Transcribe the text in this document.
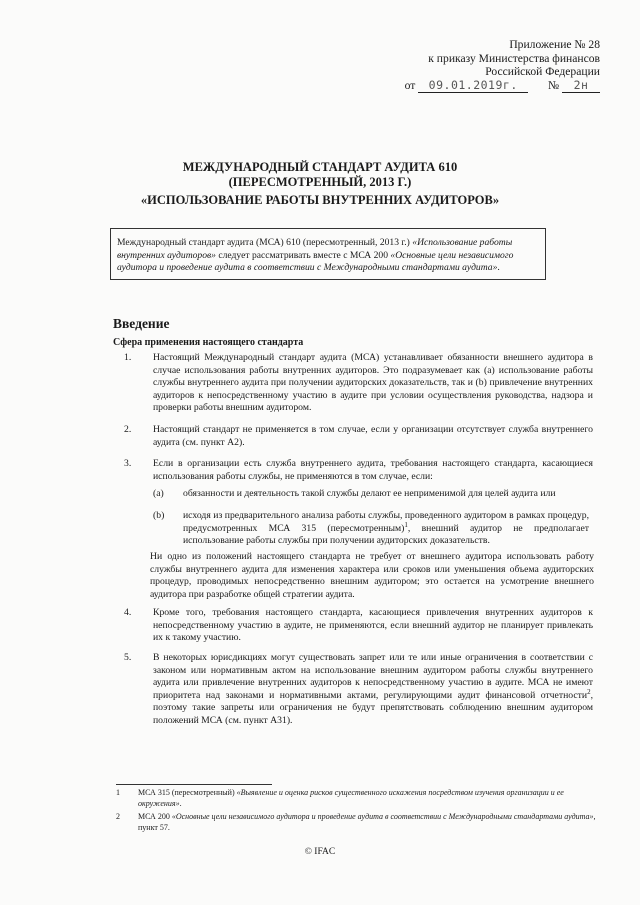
Приложение № 28
к приказу Министерства финансов
Российской Федерации
от 09.01.2019г.	№ 2н
МЕЖДУНАРОДНЫЙ СТАНДАРТ АУДИТА 610
(ПЕРЕСМОТРЕННЫЙ, 2013 Г.)
«ИСПОЛЬЗОВАНИЕ РАБОТЫ ВНУТРЕННИХ АУДИТОРОВ»
Международный стандарт аудита (МСА) 610 (пересмотренный, 2013 г.) «Использование работы внутренних аудиторов» следует рассматривать вместе с МСА 200 «Основные цели независимого аудитора и проведение аудита в соответствии с Международными стандартами аудита».
Введение
Сфера применения настоящего стандарта
1. Настоящий Международный стандарт аудита (МСА) устанавливает обязанности внешнего аудитора в случае использования работы внутренних аудиторов. Это подразумевает как (a) использование работы службы внутреннего аудита при получении аудиторских доказательств, так и (b) привлечение внутренних аудиторов к непосредственному участию в аудите при условии осуществления руководства, надзора и проверки работы внешним аудитором.
2. Настоящий стандарт не применяется в том случае, если у организации отсутствует служба внутреннего аудита (см. пункт А2).
3. Если в организации есть служба внутреннего аудита, требования настоящего стандарта, касающиеся использования работы службы, не применяются в том случае, если:
(a) обязанности и деятельность такой службы делают ее неприменимой для целей аудита или
(b) исходя из предварительного анализа работы службы, проведенного аудитором в рамках процедур, предусмотренных МСА 315 (пересмотренным)$^1$, внешний аудитор не предполагает использование работы службы при получении аудиторских доказательств.
Ни одно из положений настоящего стандарта не требует от внешнего аудитора использовать работу службы внутреннего аудита для изменения характера или сроков или уменьшения объема аудиторских процедур, проводимых непосредственно внешним аудитором; это остается на усмотрение внешнего аудитора при разработке общей стратегии аудита.
4. Кроме того, требования настоящего стандарта, касающиеся привлечения внутренних аудиторов к непосредственному участию в аудите, не применяются, если внешний аудитор не планирует привлекать их к такому участию.
5. В некоторых юрисдикциях могут существовать запрет или те или иные ограничения в соответствии с законом или нормативным актом на использование внешним аудитором работы службы внутреннего аудита или привлечение внутренних аудиторов к непосредственному участию в аудите. МСА не имеют приоритета над законами и нормативными актами, регулирующими аудит финансовой отчетности$^2$, поэтому такие запреты или ограничения не будут препятствовать соблюдению внешним аудитором положений МСА (см. пункт А31).
1 МСА 315 (пересмотренный) «Выявление и оценка рисков существенного искажения посредством изучения организации и ее окружения».
2 МСА 200 «Основные цели независимого аудитора и проведение аудита в соответствии с Международными стандартами аудита», пункт 57.
© IFAC
